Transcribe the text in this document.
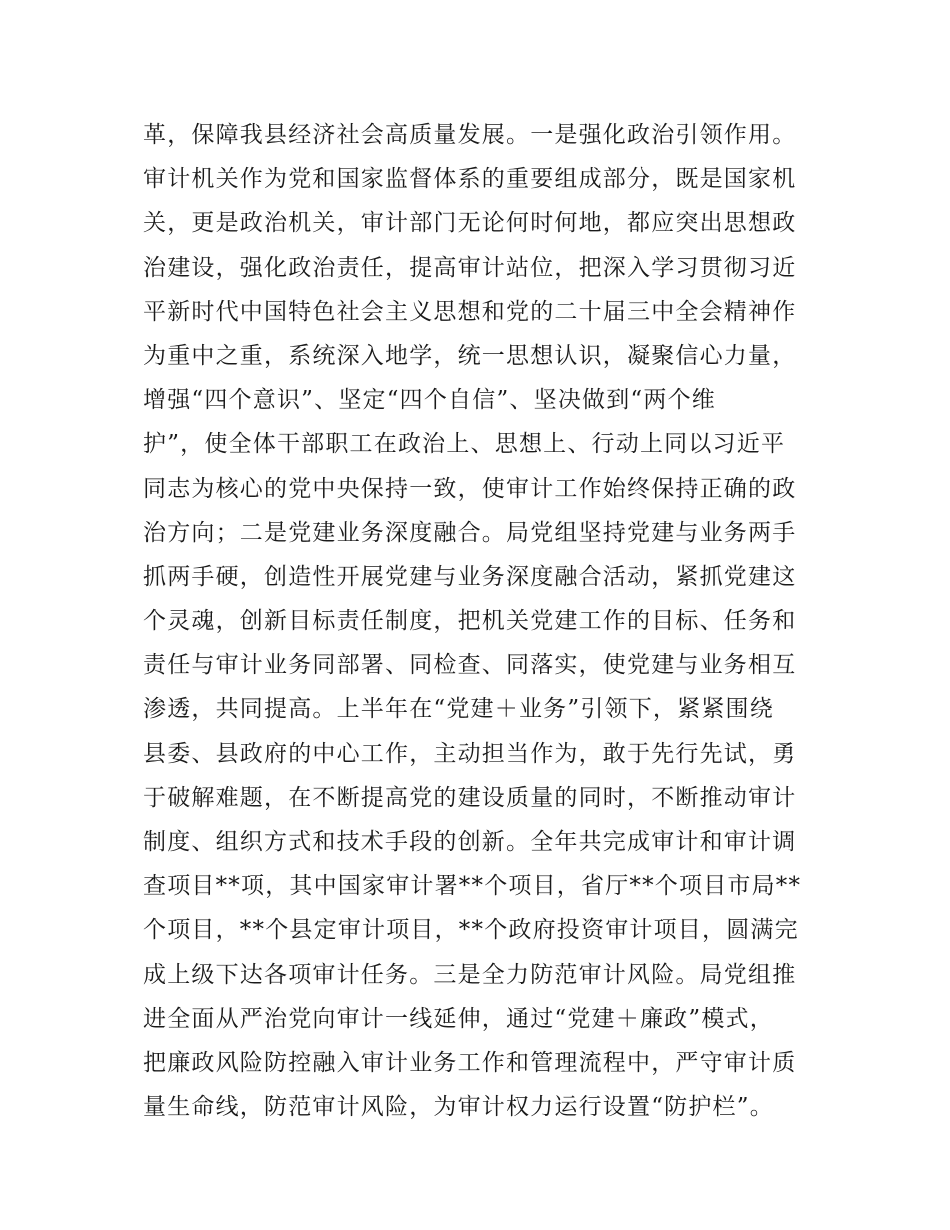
革，保障我县经济社会高质量发展。一是强化政治引领作用。
审计机关作为党和国家监督体系的重要组成部分，既是国家机
关，更是政治机关，审计部门无论何时何地，都应突出思想政
治建设，强化政治责任，提高审计站位，把深入学习贯彻习近
平新时代中国特色社会主义思想和党的二十届三中全会精神作
为重中之重，系统深入地学，统一思想认识，凝聚信心力量，
增强“四个意识”、坚定“四个自信”、坚决做到“两个维
护”，使全体干部职工在政治上、思想上、行动上同以习近平
同志为核心的党中央保持一致，使审计工作始终保持正确的政
治方向；二是党建业务深度融合。局党组坚持党建与业务两手
抓两手硬，创造性开展党建与业务深度融合活动，紧抓党建这
个灵魂，创新目标责任制度，把机关党建工作的目标、任务和
责任与审计业务同部署、同检查、同落实，使党建与业务相互
渗透，共同提高。上半年在“党建＋业务”引领下，紧紧围绕
县委、县政府的中心工作，主动担当作为，敢于先行先试，勇
于破解难题，在不断提高党的建设质量的同时，不断推动审计
制度、组织方式和技术手段的创新。全年共完成审计和审计调
查项目**项，其中国家审计署**个项目，省厅**个项目市局**
个项目，**个县定审计项目，**个政府投资审计项目，圆满完
成上级下达各项审计任务。三是全力防范审计风险。局党组推
进全面从严治党向审计一线延伸，通过“党建＋廉政”模式，
把廉政风险防控融入审计业务工作和管理流程中，严守审计质
量生命线，防范审计风险，为审计权力运行设置“防护栏”。
